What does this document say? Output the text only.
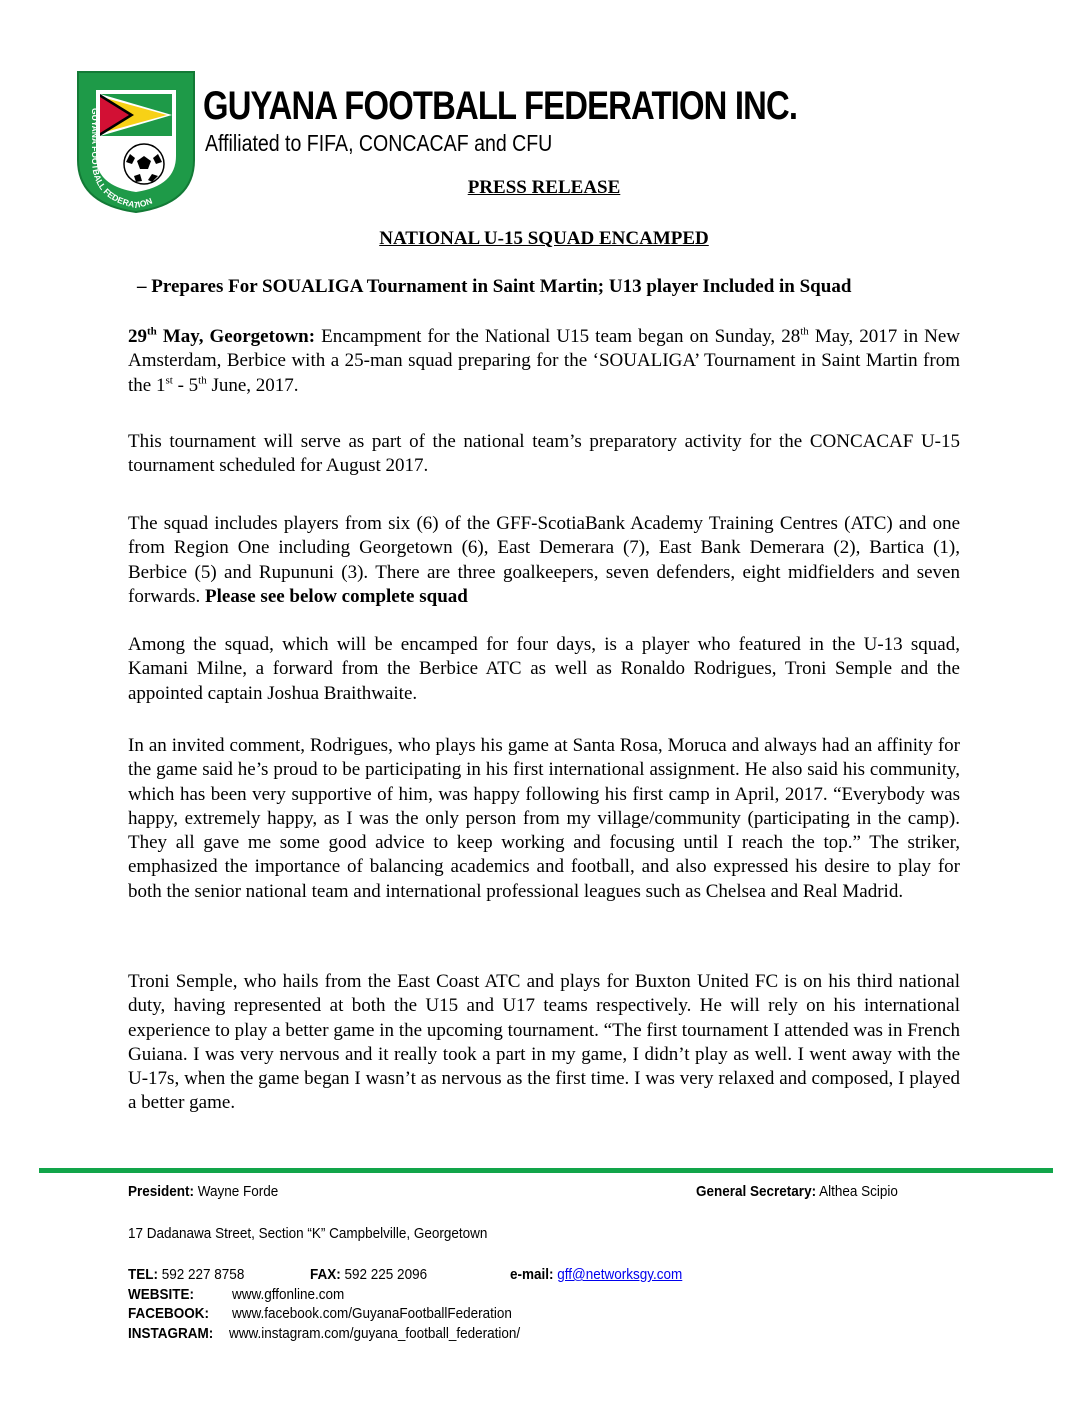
GUYANA FOOTBALL FEDERATION
GUYANA FOOTBALL FEDERATION INC.
Affiliated to FIFA, CONCACAF and CFU
PRESS RELEASE
NATIONAL U-15 SQUAD ENCAMPED
– Prepares For SOUALIGA Tournament in Saint Martin; U13 player Included in Squad

29th May, Georgetown: Encampment for the National U15 team began on Sunday, 28th May, 2017 in New Amsterdam, Berbice with a 25-man squad preparing for the ‘SOUALIGA’ Tournament in Saint Martin from the 1st - 5th June, 2017.

This tournament will serve as part of the national team’s preparatory activity for the CONCACAF U-15 tournament scheduled for August 2017.

The squad includes players from six (6) of the GFF-ScotiaBank Academy Training Centres (ATC) and one from Region One including Georgetown (6), East Demerara (7), East Bank Demerara (2), Bartica (1), Berbice (5) and Rupununi (3). There are three goalkeepers, seven defenders, eight midfielders and seven forwards. Please see below complete squad

Among the squad, which will be encamped for four days, is a player who featured in the U-13 squad, Kamani Milne, a forward from the Berbice ATC as well as Ronaldo Rodrigues, Troni Semple and the appointed captain Joshua Braithwaite.

In an invited comment, Rodrigues, who plays his game at Santa Rosa, Moruca and always had an affinity for the game said he’s proud to be participating in his first international assignment. He also said his community, which has been very supportive of him, was happy following his first camp in April, 2017. “Everybody was happy, extremely happy, as I was the only person from my village/community (participating in the camp). They all gave me some good advice to keep working and focusing until I reach the top.” The striker, emphasized the importance of balancing academics and football, and also expressed his desire to play for both the senior national team and international professional leagues such as Chelsea and Real Madrid.

Troni Semple, who hails from the East Coast ATC and plays for Buxton United FC is on his third national duty, having represented at both the U15 and U17 teams respectively. He will rely on his international experience to play a better game in the upcoming tournament. “The first tournament I attended was in French Guiana. I was very nervous and it really took a part in my game, I didn’t play as well. I went away with the U-17s, when the game began I wasn’t as nervous as the first time. I was very relaxed and composed, I played a better game.

President: Wayne Forde	General Secretary: Althea Scipio
17 Dadanawa Street, Section “K” Campbelville, Georgetown
TEL: 592 227 8758	FAX: 592 225 2096	e-mail: gff@networksgy.com
WEBSITE:	www.gffonline.com
FACEBOOK: www.facebook.com/GuyanaFootballFederation
INSTAGRAM: www.instagram.com/guyana_football_federation/
